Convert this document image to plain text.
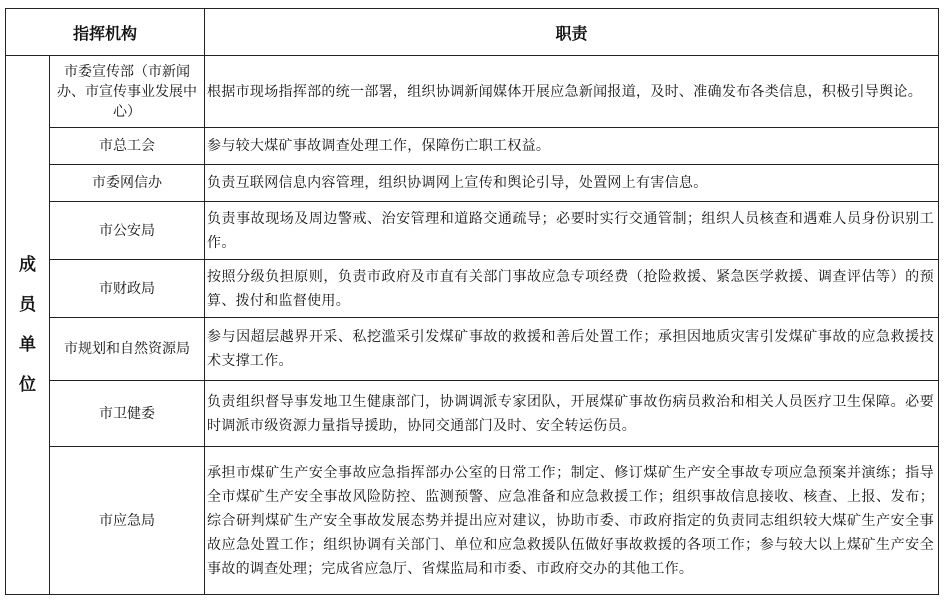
指挥机构		职责

成
员
单
位	市委宣传部（市新闻办、市宣传事业发展中心）	根据市现场指挥部的统一部署，组织协调新闻媒体开展应急新闻报道，及时、准确发布各类信息，积极引导舆论。
	市总工会	参与较大煤矿事故调查处理工作，保障伤亡职工权益。
	市委网信办	负责互联网信息内容管理，组织协调网上宣传和舆论引导，处置网上有害信息。
	市公安局	负责事故现场及周边警戒、治安管理和道路交通疏导；必要时实行交通管制；组织人员核查和遇难人员身份识别工作。
	市财政局	按照分级负担原则，负责市政府及市直有关部门事故应急专项经费（抢险救援、紧急医学救援、调查评估等）的预算、拨付和监督使用。
	市规划和自然资源局	参与因超层越界开采、私挖滥采引发煤矿事故的救援和善后处置工作；承担因地质灾害引发煤矿事故的应急救援技术支撑工作。
	市卫健委	负责组织督导事发地卫生健康部门，协调调派专家团队，开展煤矿事故伤病员救治和相关人员医疗卫生保障。必要时调派市级资源力量指导援助，协同交通部门及时、安全转运伤员。
	市应急局	承担市煤矿生产安全事故应急指挥部办公室的日常工作；制定、修订煤矿生产安全事故专项应急预案并演练；指导全市煤矿生产安全事故风险防控、监测预警、应急准备和应急救援工作；组织事故信息接收、核查、上报、发布；综合研判煤矿生产安全事故发展态势并提出应对建议，协助市委、市政府指定的负责同志组织较大煤矿生产安全事故应急处置工作；组织协调有关部门、单位和应急救援队伍做好事故救援的各项工作；参与较大以上煤矿生产安全事故的调查处理；完成省应急厅、省煤监局和市委、市政府交办的其他工作。
